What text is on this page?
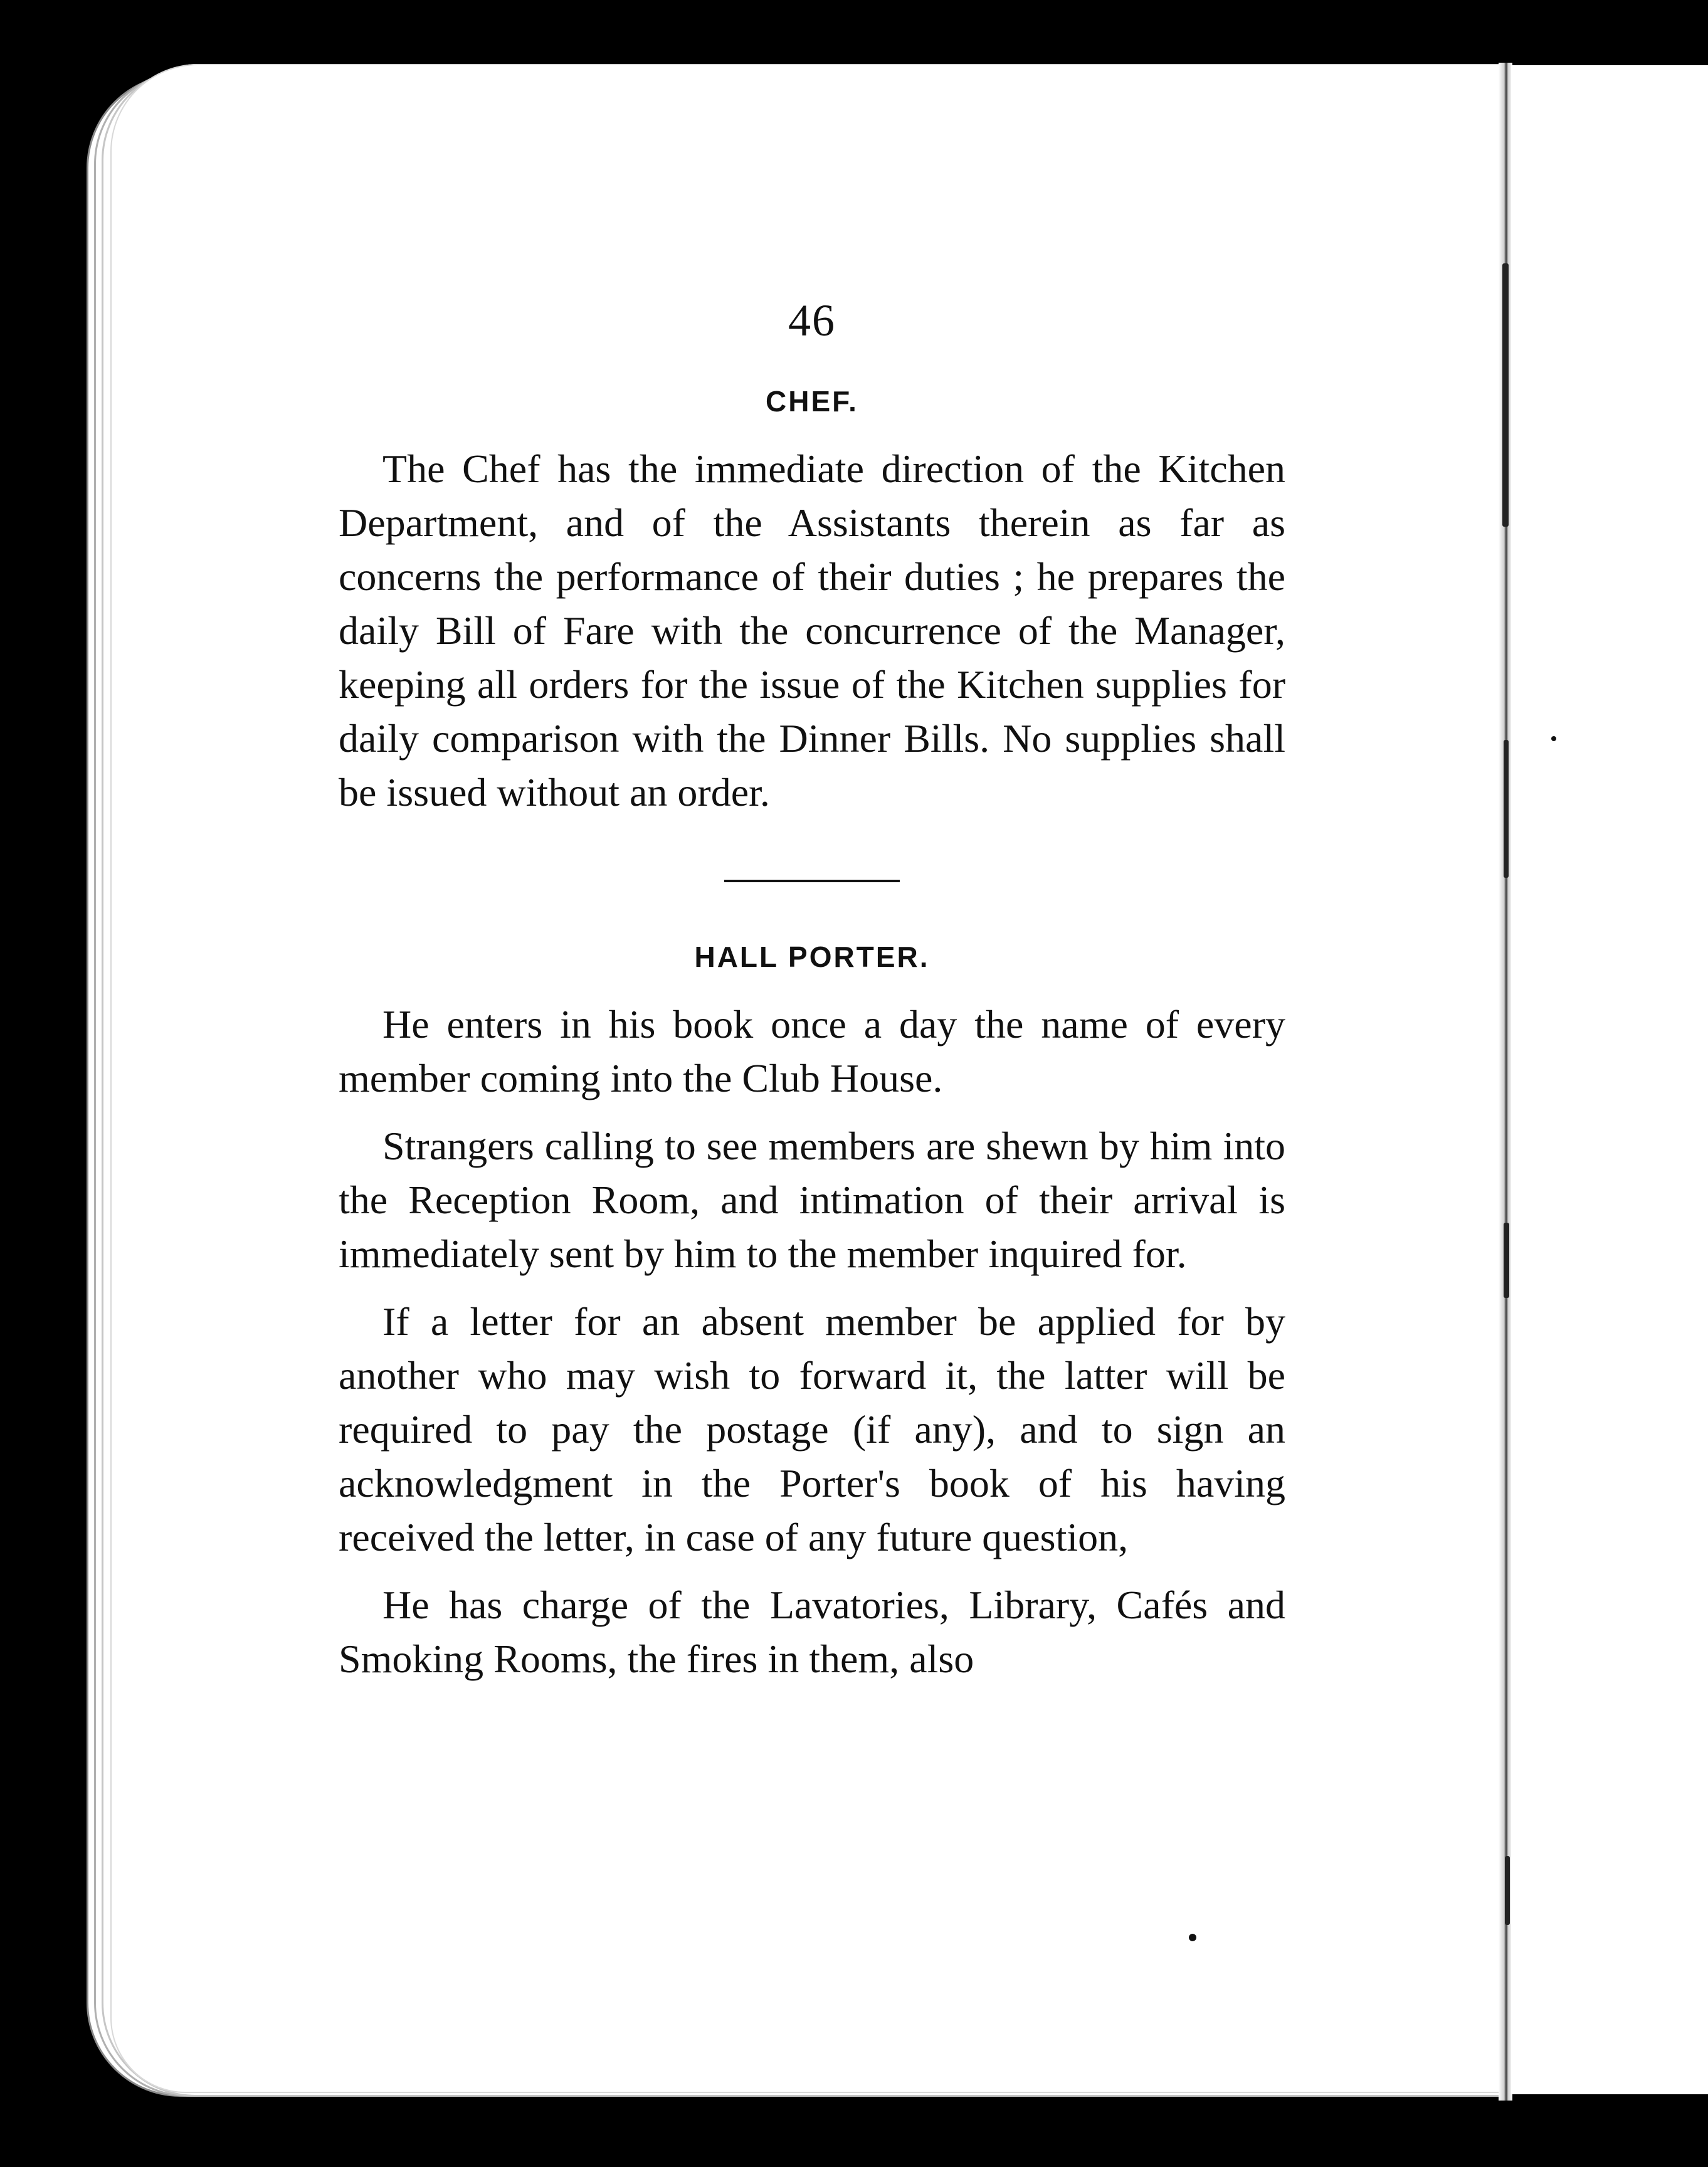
46
CHEF.

The Chef has the immediate direction of the Kitchen Department, and of the Assistants therein as far as concerns the performance of their duties ; he prepares the daily Bill of Fare with the concurrence of the Manager, keeping all orders for the issue of the Kitchen supplies for daily comparison with the Dinner Bills. No supplies shall be issued without an order.

HALL PORTER.

He enters in his book once a day the name of every member coming into the Club House.

Strangers calling to see members are shewn by him into the Reception Room, and intimation of their arrival is immediately sent by him to the member inquired for.

If a letter for an absent member be applied for by another who may wish to forward it, the latter will be required to pay the postage (if any), and to sign an acknowledgment in the Porter's book of his having received the letter, in case of any future question,

He has charge of the Lavatories, Library, Cafés and Smoking Rooms, the fires in them, also
